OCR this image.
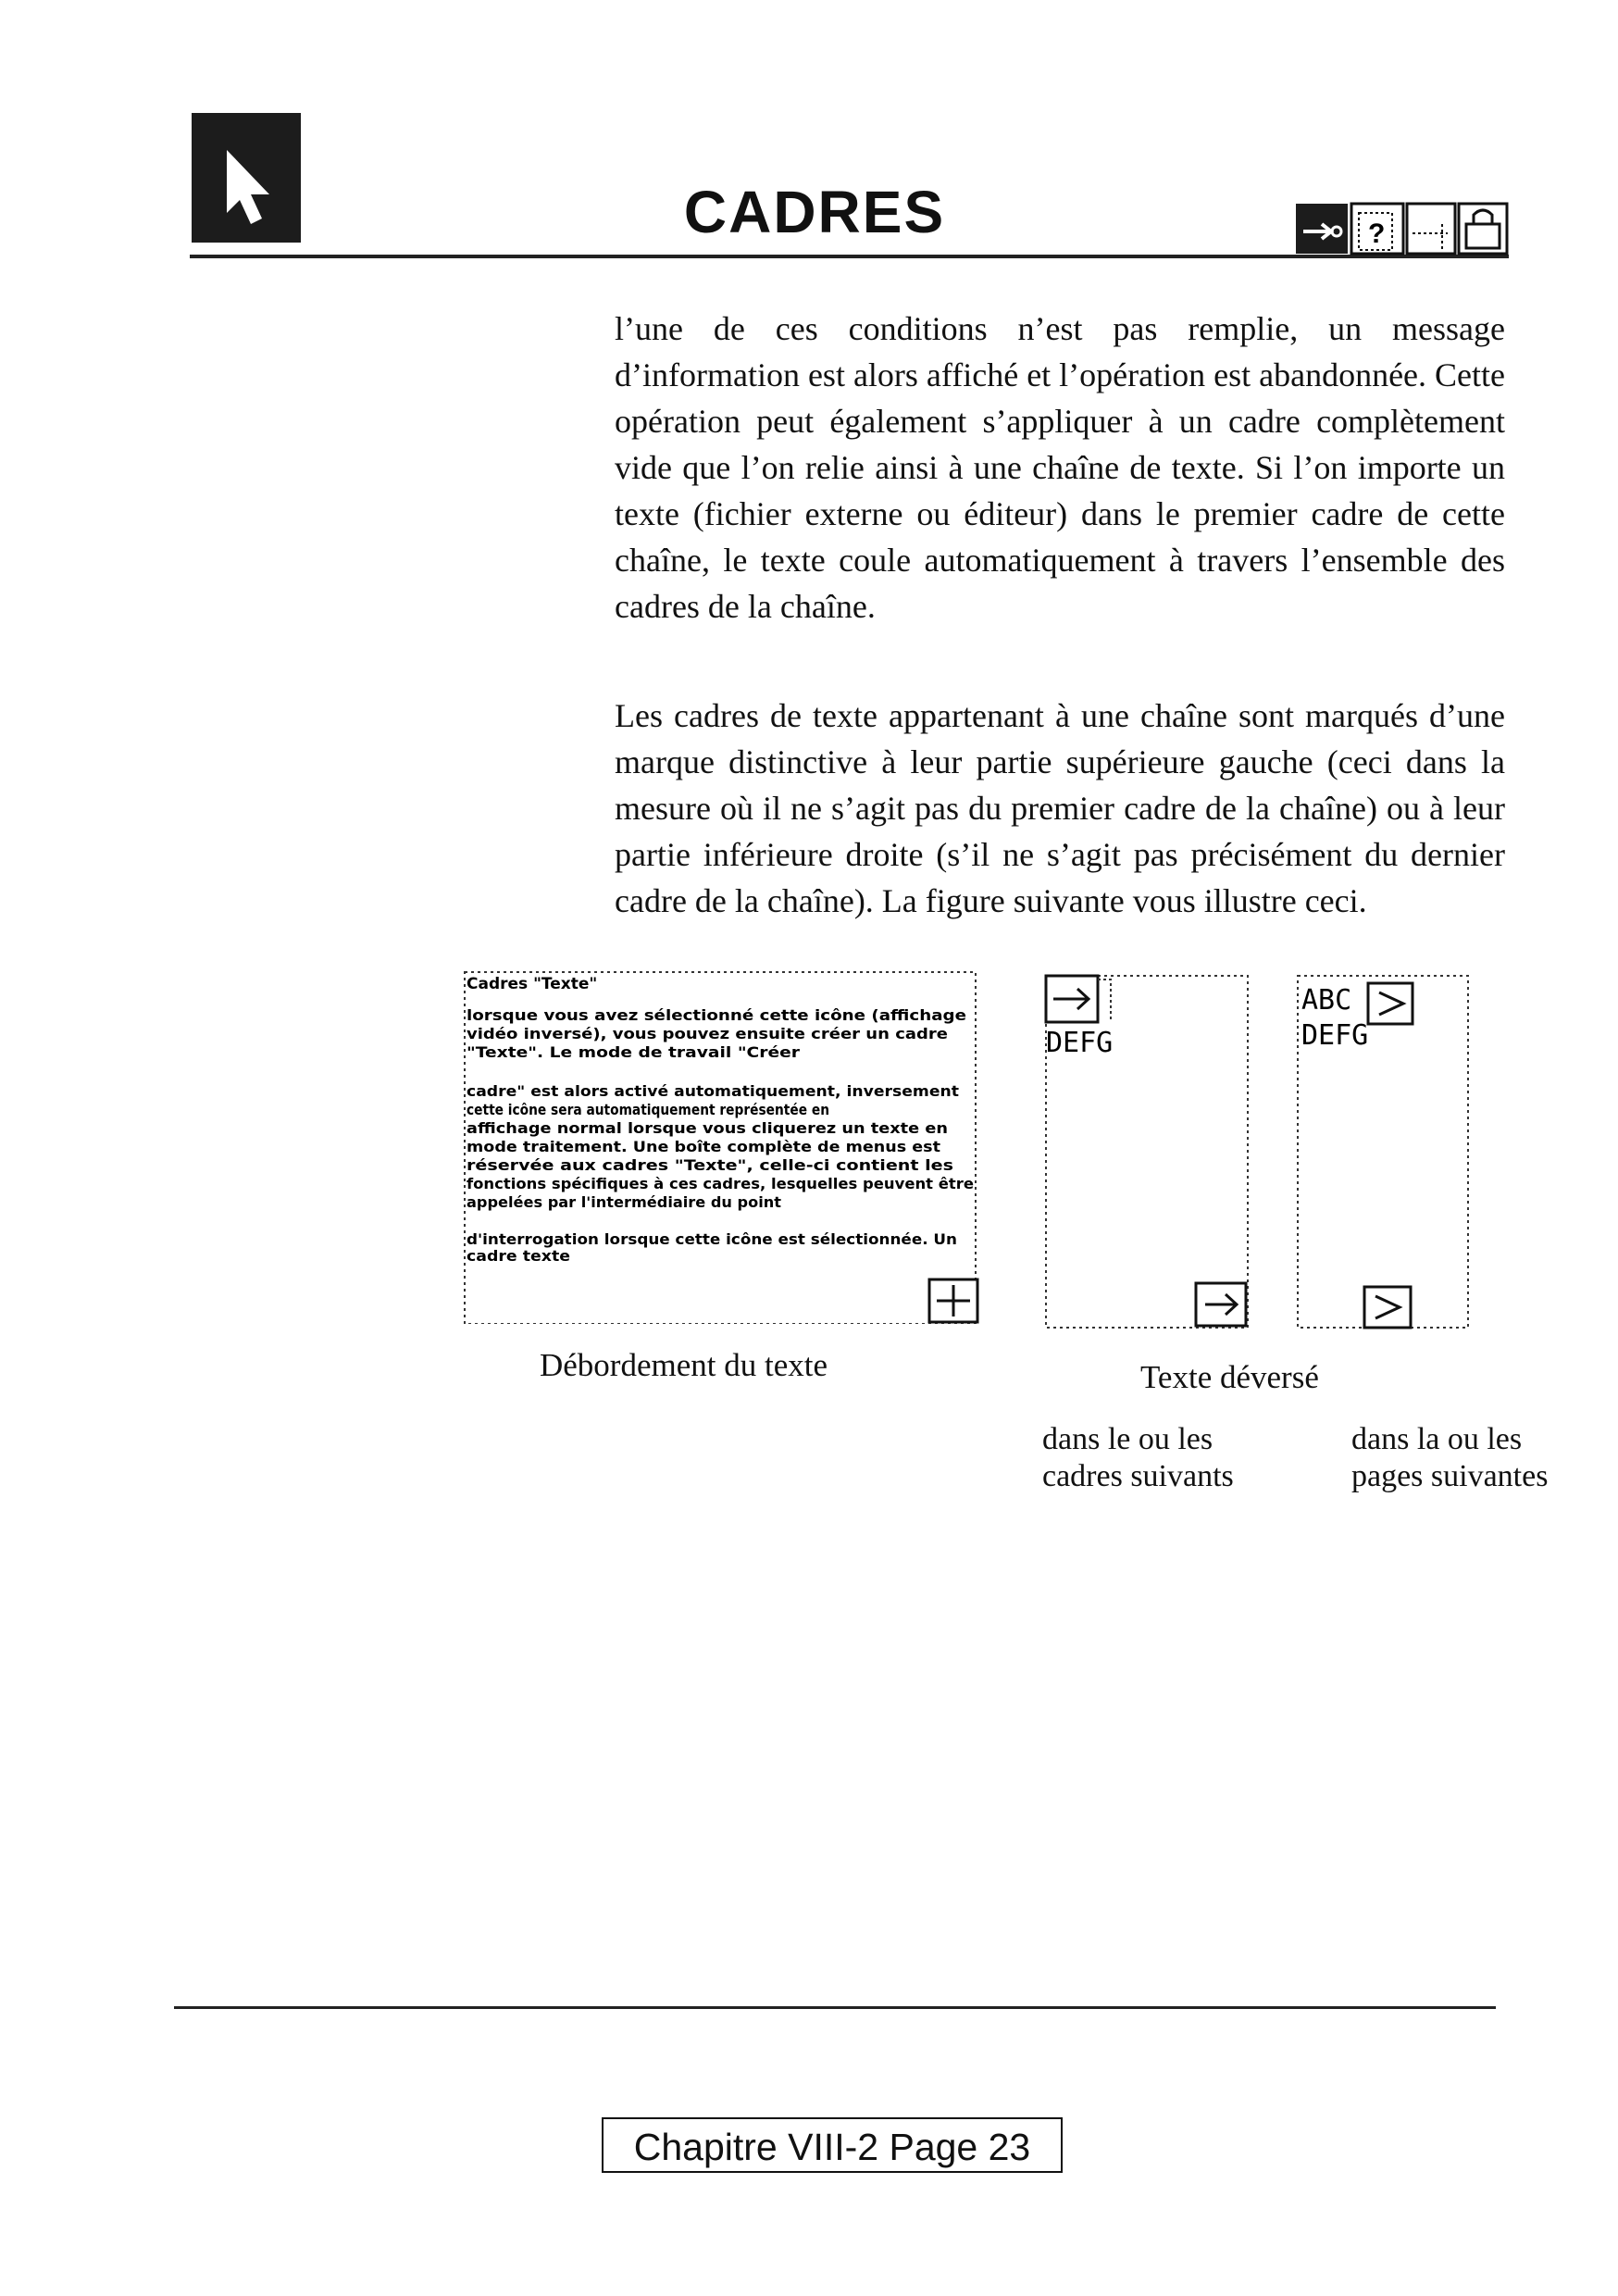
CADRES	?

l’une de ces conditions n’est pas remplie, un message d’information est alors affiché et l’opération est abandonnée. Cette opération peut également s’appliquer à un cadre complètement vide que l’on relie ainsi à une chaîne de texte. Si l’on importe un texte (fichier externe ou éditeur) dans le premier cadre de cette chaîne, le texte coule automatiquement à travers l’ensemble des cadres de la chaîne.

Les cadres de texte appartenant à une chaîne sont marqués d’une marque distinctive à leur partie supérieure gauche (ceci dans la mesure où il ne s’agit pas du premier cadre de la chaîne) ou à leur partie inférieure droite (s’il ne s’agit pas précisément du dernier cadre de la chaîne). La figure suivante vous illustre ceci.

Cadres "Texte"
lorsque vous avez sélectionné cette icône (affichage
vidéo inversé), vous pouvez ensuite créer un cadre
"Texte". Le mode de travail "Créer
cadre" est alors activé automatiquement, inversement
cette icône sera automatiquement représentée en
affichage normal lorsque vous cliquerez un texte en
mode traitement. Une boîte complète de menus est
réservée aux cadres "Texte", celle-ci contient les
fonctions spécifiques à ces cadres, lesquelles peuvent être
appelées par l'intermédiaire du point
d'interrogation lorsque cette icône est sélectionnée. Un
cadre texte
DEFG
ABC
DEFG
Débordement du texte	Texte déversé
dans le ou les cadres suivants
dans la ou les pages suivantes
Chapitre VIII-2 Page 23
